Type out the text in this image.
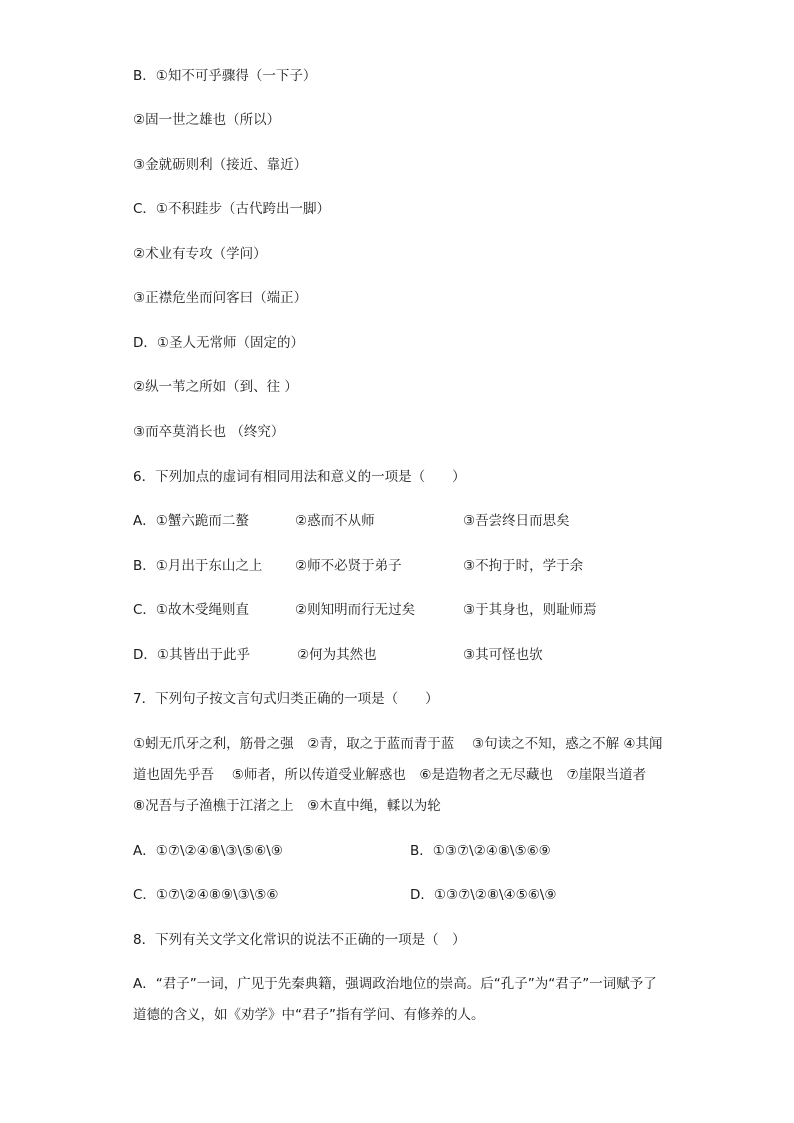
B．①知不可乎骤得（一下子）
②固一世之雄也（所以）
③金就砺则利（接近、靠近）
C．①不积跬步（古代跨出一脚）
②术业有专攻（学问）
③正襟危坐而问客曰（端正）
D．①圣人无常师（固定的）
②纵一苇之所如（到、往 ）
③而卒莫消长也 （终究）
6．下列加点的虚词有相同用法和意义的一项是（　　）
A．①蟹六跪而二螯	②惑而不从师	③吾尝终日而思矣
B．①月出于东山之上 ②师不必贤于弟子	③不拘于时，学于余
C．①故木受绳则直	②则知明而行无过矣	③于其身也，则耻师焉
D．①其皆出于此乎	②何为其然也	③其可怪也欤
7．下列句子按文言句式归类正确的一项是（　　）
①蚓无爪牙之利，筋骨之强　②青，取之于蓝而青于蓝　 ③句读之不知，惑之不解 ④其闻道也固先乎吾　 ⑤师者，所以传道受业解惑也　⑥是造物者之无尽藏也　⑦崖限当道者　 ⑧况吾与子渔樵于江渚之上　⑨木直中绳，輮以为轮
A．①⑦\②④⑧\③\⑤⑥\⑨	B．①③⑦\②④⑧\⑤⑥⑨
C．①⑦\②④⑧⑨\③\⑤⑥	D．①③⑦\②⑧\④⑤⑥\⑨
8．下列有关文学文化常识的说法不正确的一项是（　）
A．“君子”一词，广见于先秦典籍，强调政治地位的崇高。后“孔子”为“君子”一词赋予了道德的含义，如《劝学》中“君子”指有学问、有修养的人。
